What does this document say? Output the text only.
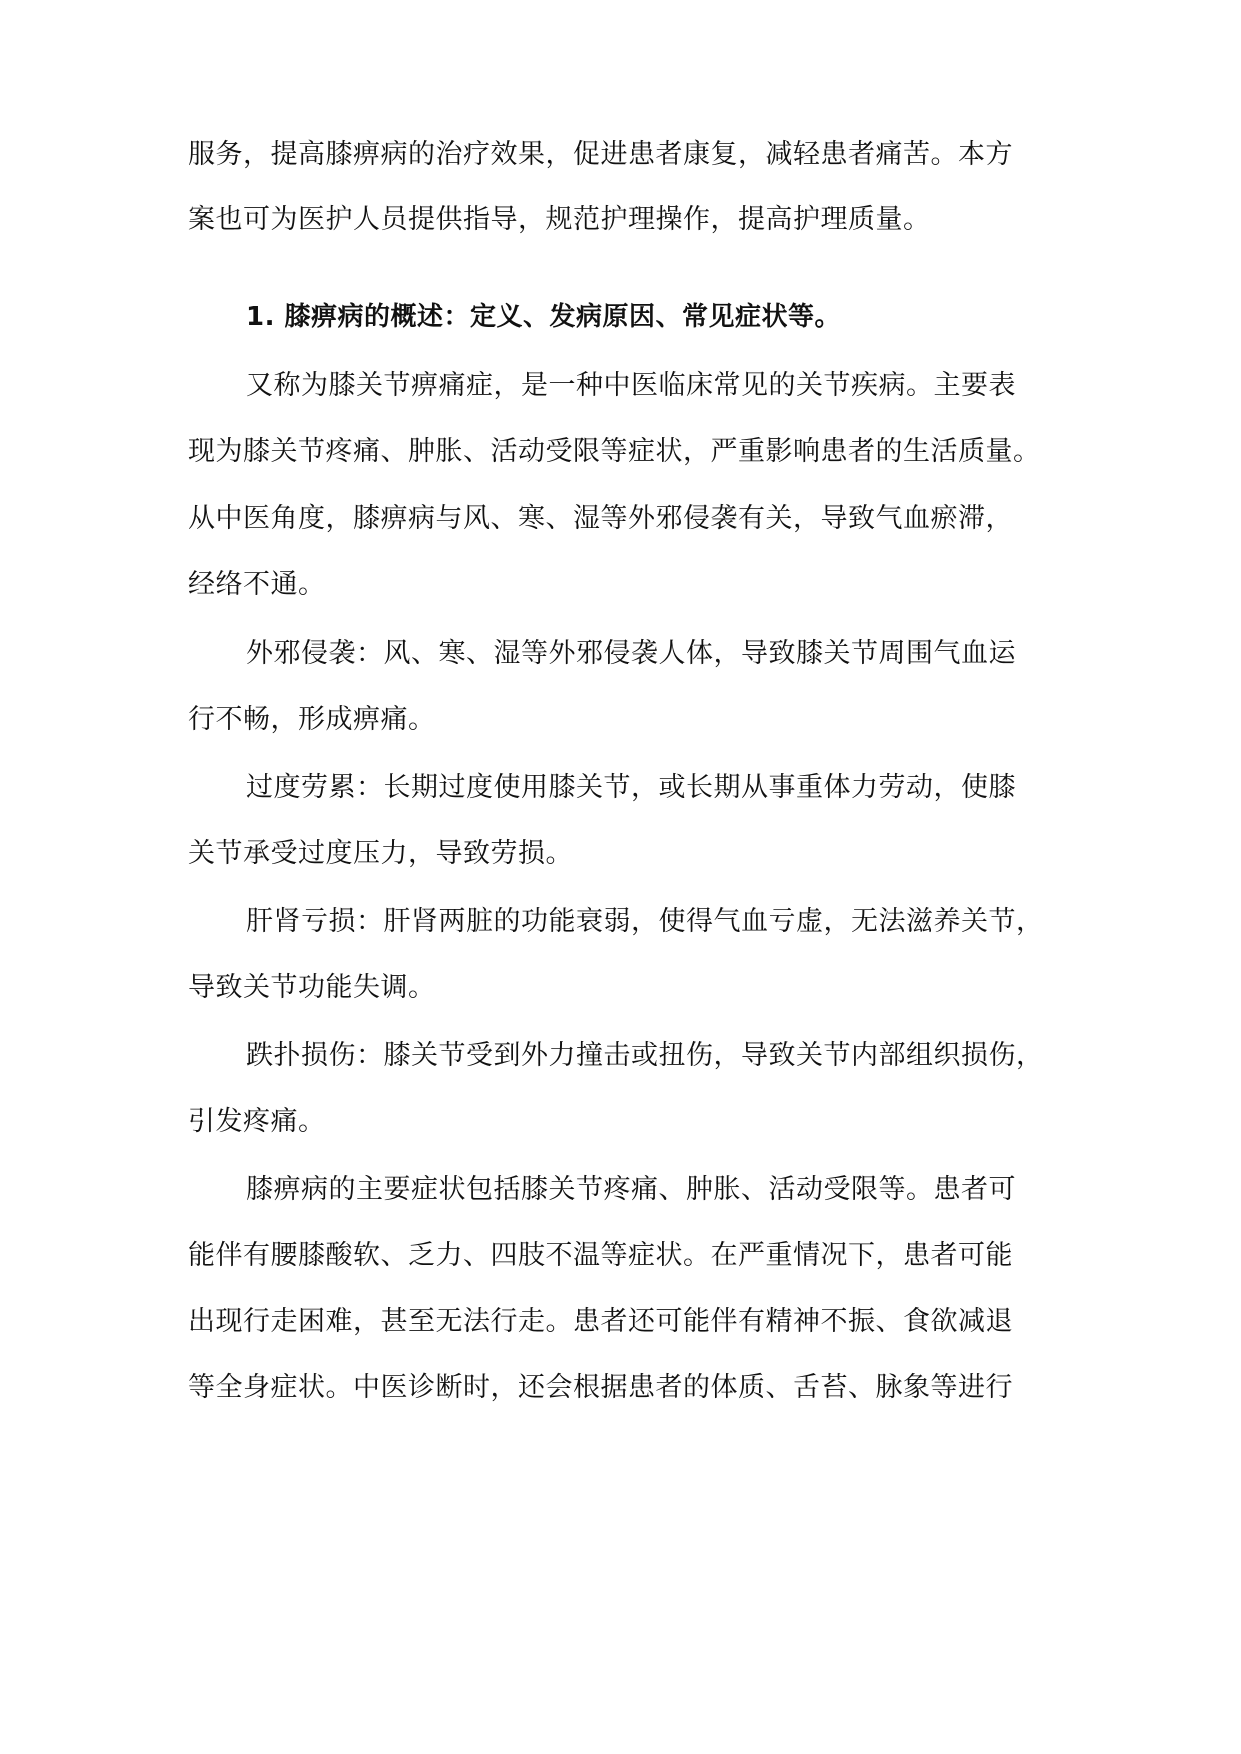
服务，提高膝痹病的治疗效果，促进患者康复，减轻患者痛苦。本方
案也可为医护人员提供指导，规范护理操作，提高护理质量。
1. 膝痹病的概述：定义、发病原因、常见症状等。
又称为膝关节痹痛症，是一种中医临床常见的关节疾病。主要表
现为膝关节疼痛、肿胀、活动受限等症状，严重影响患者的生活质量。
从中医角度，膝痹病与风、寒、湿等外邪侵袭有关，导致气血瘀滞，
经络不通。
外邪侵袭：风、寒、湿等外邪侵袭人体，导致膝关节周围气血运
行不畅，形成痹痛。
过度劳累：长期过度使用膝关节，或长期从事重体力劳动，使膝
关节承受过度压力，导致劳损。
肝肾亏损：肝肾两脏的功能衰弱，使得气血亏虚，无法滋养关节，
导致关节功能失调。
跌扑损伤：膝关节受到外力撞击或扭伤，导致关节内部组织损伤，
引发疼痛。
膝痹病的主要症状包括膝关节疼痛、肿胀、活动受限等。患者可
能伴有腰膝酸软、乏力、四肢不温等症状。在严重情况下，患者可能
出现行走困难，甚至无法行走。患者还可能伴有精神不振、食欲减退
等全身症状。中医诊断时，还会根据患者的体质、舌苔、脉象等进行
